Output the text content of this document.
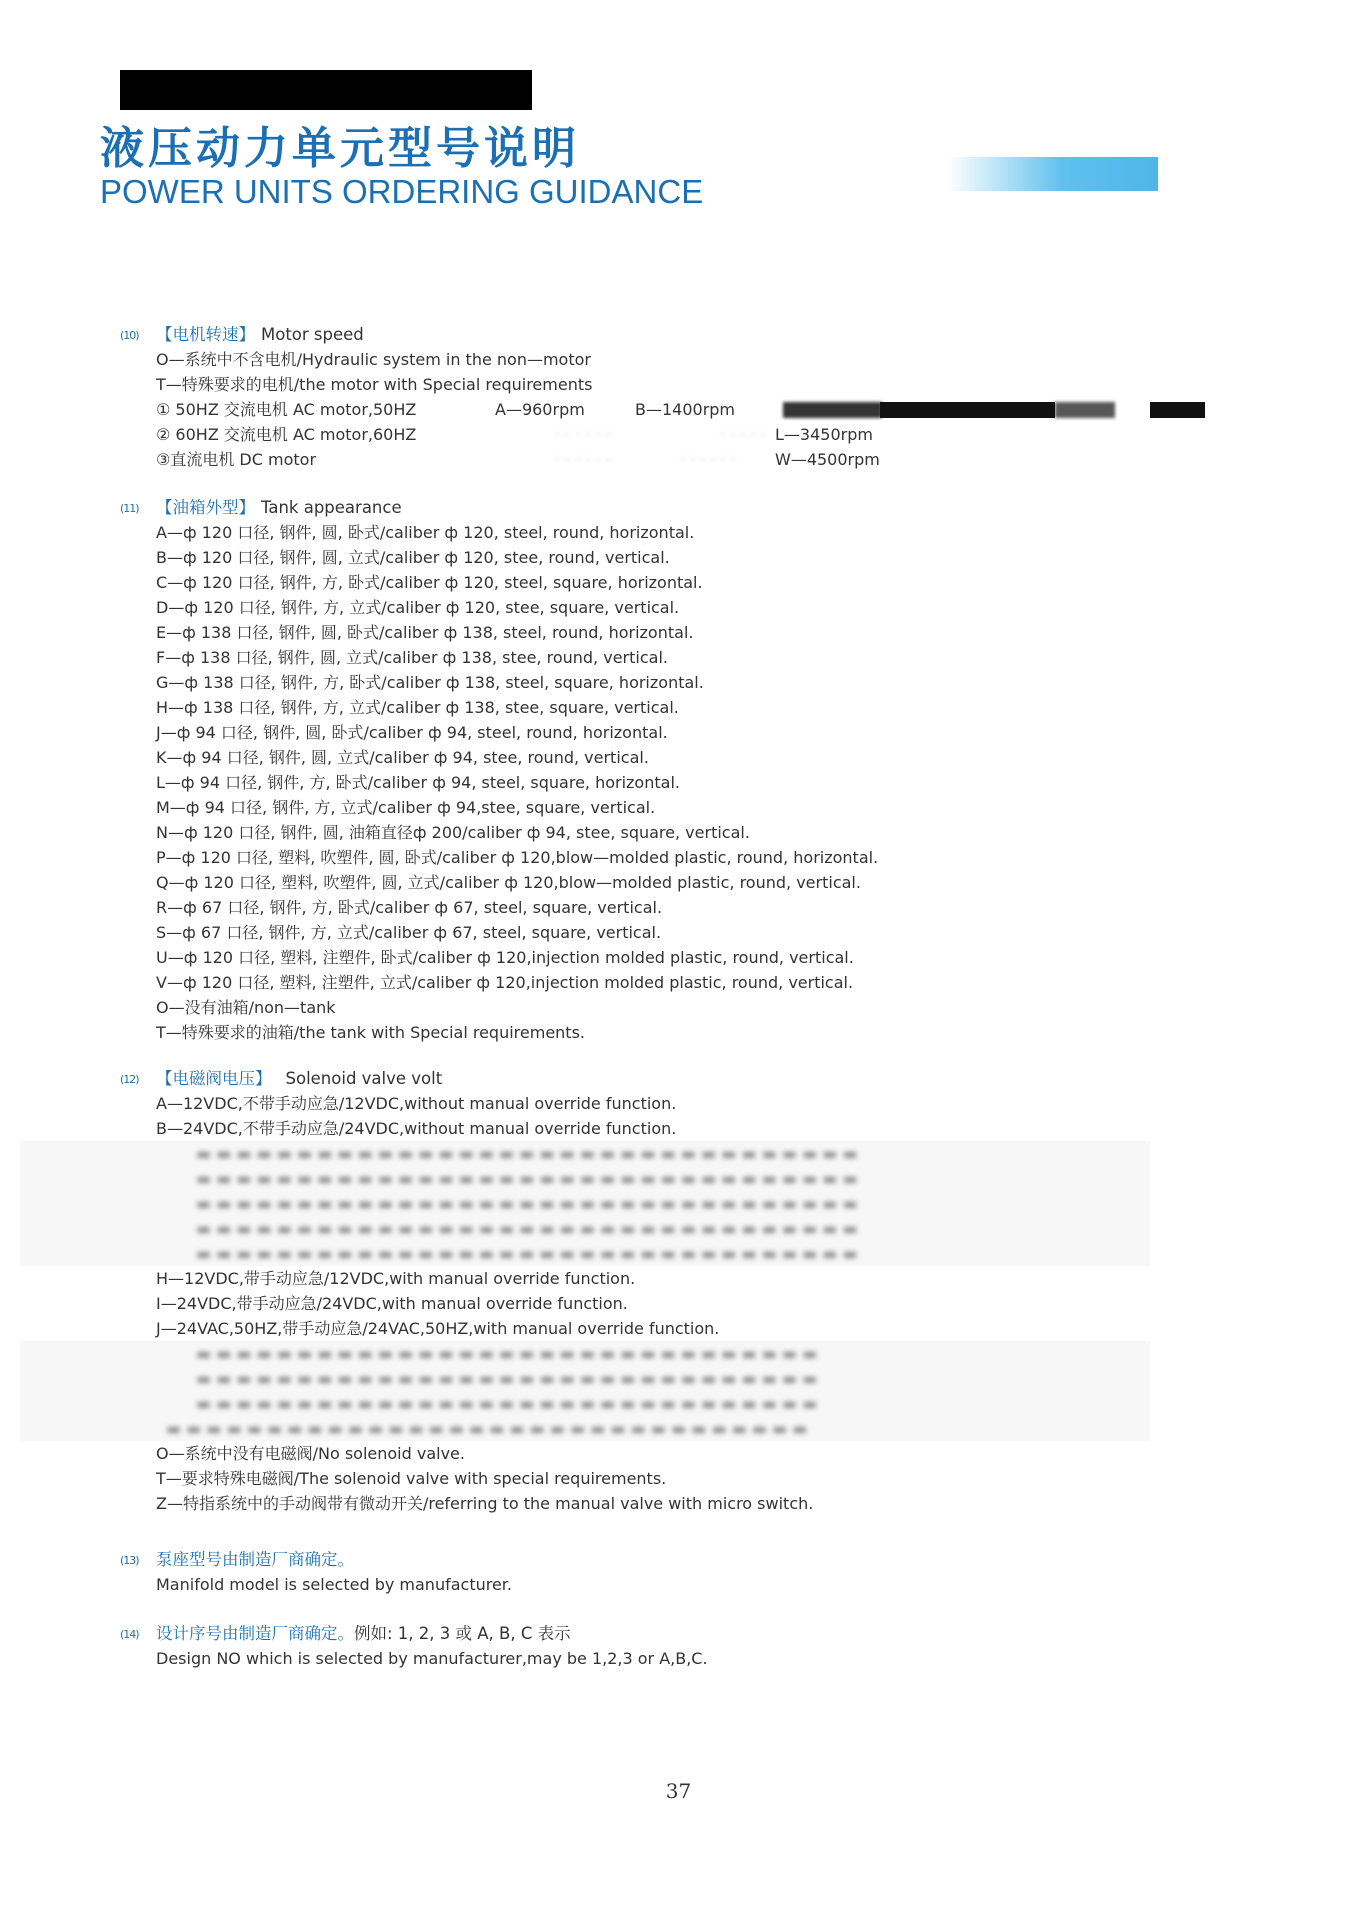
液压动力单元型号说明
POWER UNITS ORDERING GUIDANCE
(10) 【电机转速】 Motor speed
O—系统中不含电机/Hydraulic system in the non—motor
T—特殊要求的电机/the motor with Special requirements
① 50HZ 交流电机 AC motor,50HZ	A—960rpm	B—1400rpm
② 60HZ 交流电机 AC motor,60HZ	· · · · · ·	· · · · · L—3450rpm
③直流电机 DC motor	· · · · · ·	· · · · · · W—4500rpm
(11) 【油箱外型】 Tank appearance
A—ф 120 口径, 钢件, 圆, 卧式/caliber ф 120, steel, round, horizontal.
B—ф 120 口径, 钢件, 圆, 立式/caliber ф 120, stee, round, vertical.
C—ф 120 口径, 钢件, 方, 卧式/caliber ф 120, steel, square, horizontal.
D—ф 120 口径, 钢件, 方, 立式/caliber ф 120, stee, square, vertical.
E—ф 138 口径, 钢件, 圆, 卧式/caliber ф 138, steel, round, horizontal.
F—ф 138 口径, 钢件, 圆, 立式/caliber ф 138, stee, round, vertical.
G—ф 138 口径, 钢件, 方, 卧式/caliber ф 138, steel, square, horizontal.
H—ф 138 口径, 钢件, 方, 立式/caliber ф 138, stee, square, vertical.
J—ф 94 口径, 钢件, 圆, 卧式/caliber ф 94, steel, round, horizontal.
K—ф 94 口径, 钢件, 圆, 立式/caliber ф 94, stee, round, vertical.
L—ф 94 口径, 钢件, 方, 卧式/caliber ф 94, steel, square, horizontal.
M—ф 94 口径, 钢件, 方, 立式/caliber ф 94,stee, square, vertical.
N—ф 120 口径, 钢件, 圆, 油箱直径ф 200/caliber ф 94, stee, square, vertical.
P—ф 120 口径, 塑料, 吹塑件, 圆, 卧式/caliber ф 120,blow—molded plastic, round, horizontal.
Q—ф 120 口径, 塑料, 吹塑件, 圆, 立式/caliber ф 120,blow—molded plastic, round, vertical.
R—ф 67 口径, 钢件, 方, 卧式/caliber ф 67, steel, square, vertical.
S—ф 67 口径, 钢件, 方, 立式/caliber ф 67, steel, square, vertical.
U—ф 120 口径, 塑料, 注塑件, 卧式/caliber ф 120,injection molded plastic, round, vertical.
V—ф 120 口径, 塑料, 注塑件, 立式/caliber ф 120,injection molded plastic, round, vertical.
O—没有油箱/non—tank
T—特殊要求的油箱/the tank with Special requirements.
(12) 【电磁阀电压】 Solenoid valve volt
A—12VDC,不带手动应急/12VDC,without manual override function.
B—24VDC,不带手动应急/24VDC,without manual override function.
▬ ▬ ▬ ▬ ▬ ▬ ▬ ▬ ▬ ▬ ▬ ▬ ▬ ▬ ▬ ▬ ▬ ▬ ▬ ▬ ▬ ▬ ▬ ▬ ▬ ▬ ▬ ▬ ▬ ▬ ▬ ▬ ▬
▬ ▬ ▬ ▬ ▬ ▬ ▬ ▬ ▬ ▬ ▬ ▬ ▬ ▬ ▬ ▬ ▬ ▬ ▬ ▬ ▬ ▬ ▬ ▬ ▬ ▬ ▬ ▬ ▬ ▬ ▬ ▬ ▬
▬ ▬ ▬ ▬ ▬ ▬ ▬ ▬ ▬ ▬ ▬ ▬ ▬ ▬ ▬ ▬ ▬ ▬ ▬ ▬ ▬ ▬ ▬ ▬ ▬ ▬ ▬ ▬ ▬ ▬ ▬ ▬ ▬
▬ ▬ ▬ ▬ ▬ ▬ ▬ ▬ ▬ ▬ ▬ ▬ ▬ ▬ ▬ ▬ ▬ ▬ ▬ ▬ ▬ ▬ ▬ ▬ ▬ ▬ ▬ ▬ ▬ ▬ ▬ ▬ ▬
▬ ▬ ▬ ▬ ▬ ▬ ▬ ▬ ▬ ▬ ▬ ▬ ▬ ▬ ▬ ▬ ▬ ▬ ▬ ▬ ▬ ▬ ▬ ▬ ▬ ▬ ▬ ▬ ▬ ▬ ▬ ▬ ▬
H—12VDC,带手动应急/12VDC,with manual override function.
I—24VDC,带手动应急/24VDC,with manual override function.
J—24VAC,50HZ,带手动应急/24VAC,50HZ,with manual override function.
▬ ▬ ▬ ▬ ▬ ▬ ▬ ▬ ▬ ▬ ▬ ▬ ▬ ▬ ▬ ▬ ▬ ▬ ▬ ▬ ▬ ▬ ▬ ▬ ▬ ▬ ▬ ▬ ▬ ▬ ▬
▬ ▬ ▬ ▬ ▬ ▬ ▬ ▬ ▬ ▬ ▬ ▬ ▬ ▬ ▬ ▬ ▬ ▬ ▬ ▬ ▬ ▬ ▬ ▬ ▬ ▬ ▬ ▬ ▬ ▬ ▬
▬ ▬ ▬ ▬ ▬ ▬ ▬ ▬ ▬ ▬ ▬ ▬ ▬ ▬ ▬ ▬ ▬ ▬ ▬ ▬ ▬ ▬ ▬ ▬ ▬ ▬ ▬ ▬ ▬ ▬ ▬
▬ ▬ ▬ ▬ ▬ ▬ ▬ ▬ ▬ ▬ ▬ ▬ ▬ ▬ ▬ ▬ ▬ ▬ ▬ ▬ ▬ ▬ ▬ ▬ ▬ ▬ ▬ ▬ ▬ ▬ ▬ ▬
O—系统中没有电磁阀/No solenoid valve.
T—要求特殊电磁阀/The solenoid valve with special requirements.
Z—特指系统中的手动阀带有微动开关/referring to the manual valve with micro switch.
(13) 泵座型号由制造厂商确定。
Manifold model is selected by manufacturer.
(14) 设计序号由制造厂商确定。例如: 1, 2, 3 或 A, B, C 表示
Design NO which is selected by manufacturer,may be 1,2,3 or A,B,C.
37
